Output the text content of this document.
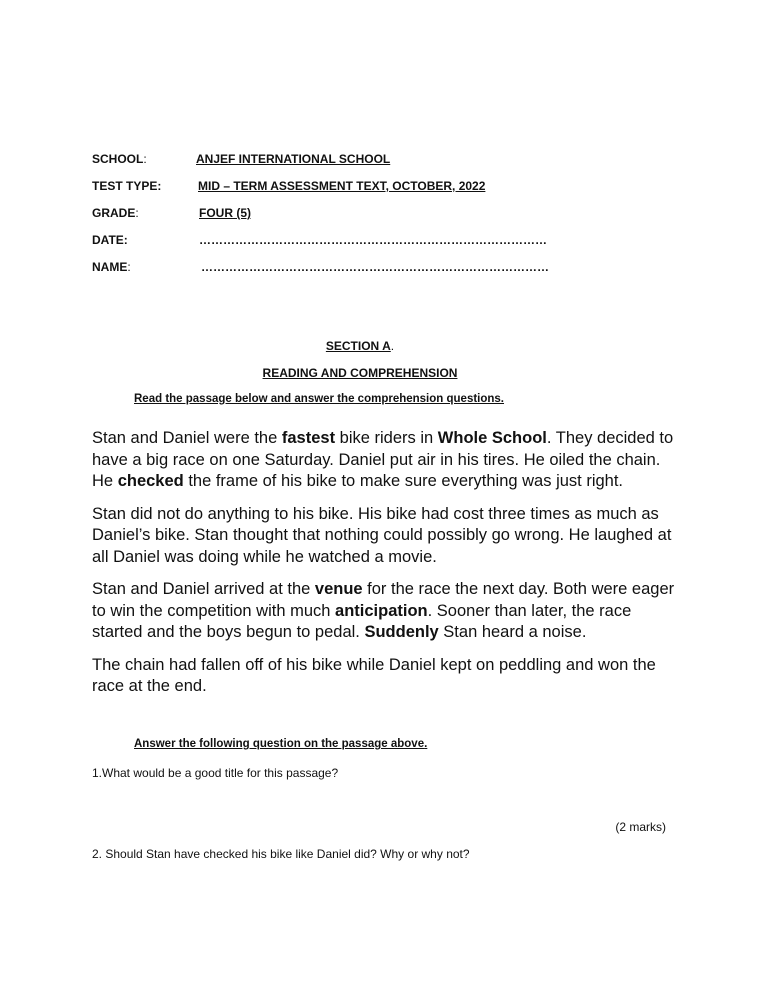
SCHOOL:	ANJEF INTERNATIONAL SCHOOL
TEST TYPE:	MID – TERM ASSESSMENT TEXT, OCTOBER, 2022
GRADE:	FOUR (5)
DATE:	……………………………………………………………………………
NAME:	……………………………………………………………………………
SECTION A.
READING AND COMPREHENSION
Read the passage below and answer the comprehension questions.

Stan and Daniel were the fastest bike riders in Whole School. They decided to have a big race on one Saturday. Daniel put air in his tires. He oiled the chain. He checked the frame of his bike to make sure everything was just right.

Stan did not do anything to his bike. His bike had cost three times as much as Daniel’s bike. Stan thought that nothing could possibly go wrong. He laughed at all Daniel was doing while he watched a movie.

Stan and Daniel arrived at the venue for the race the next day. Both were eager to win the competition with much anticipation. Sooner than later, the race started and the boys begun to pedal. Suddenly Stan heard a noise.

The chain had fallen off of his bike while Daniel kept on peddling and won the race at the end.

Answer the following question on the passage above.
1.What would be a good title for this passage?
(2 marks)
2. Should Stan have checked his bike like Daniel did? Why or why not?
